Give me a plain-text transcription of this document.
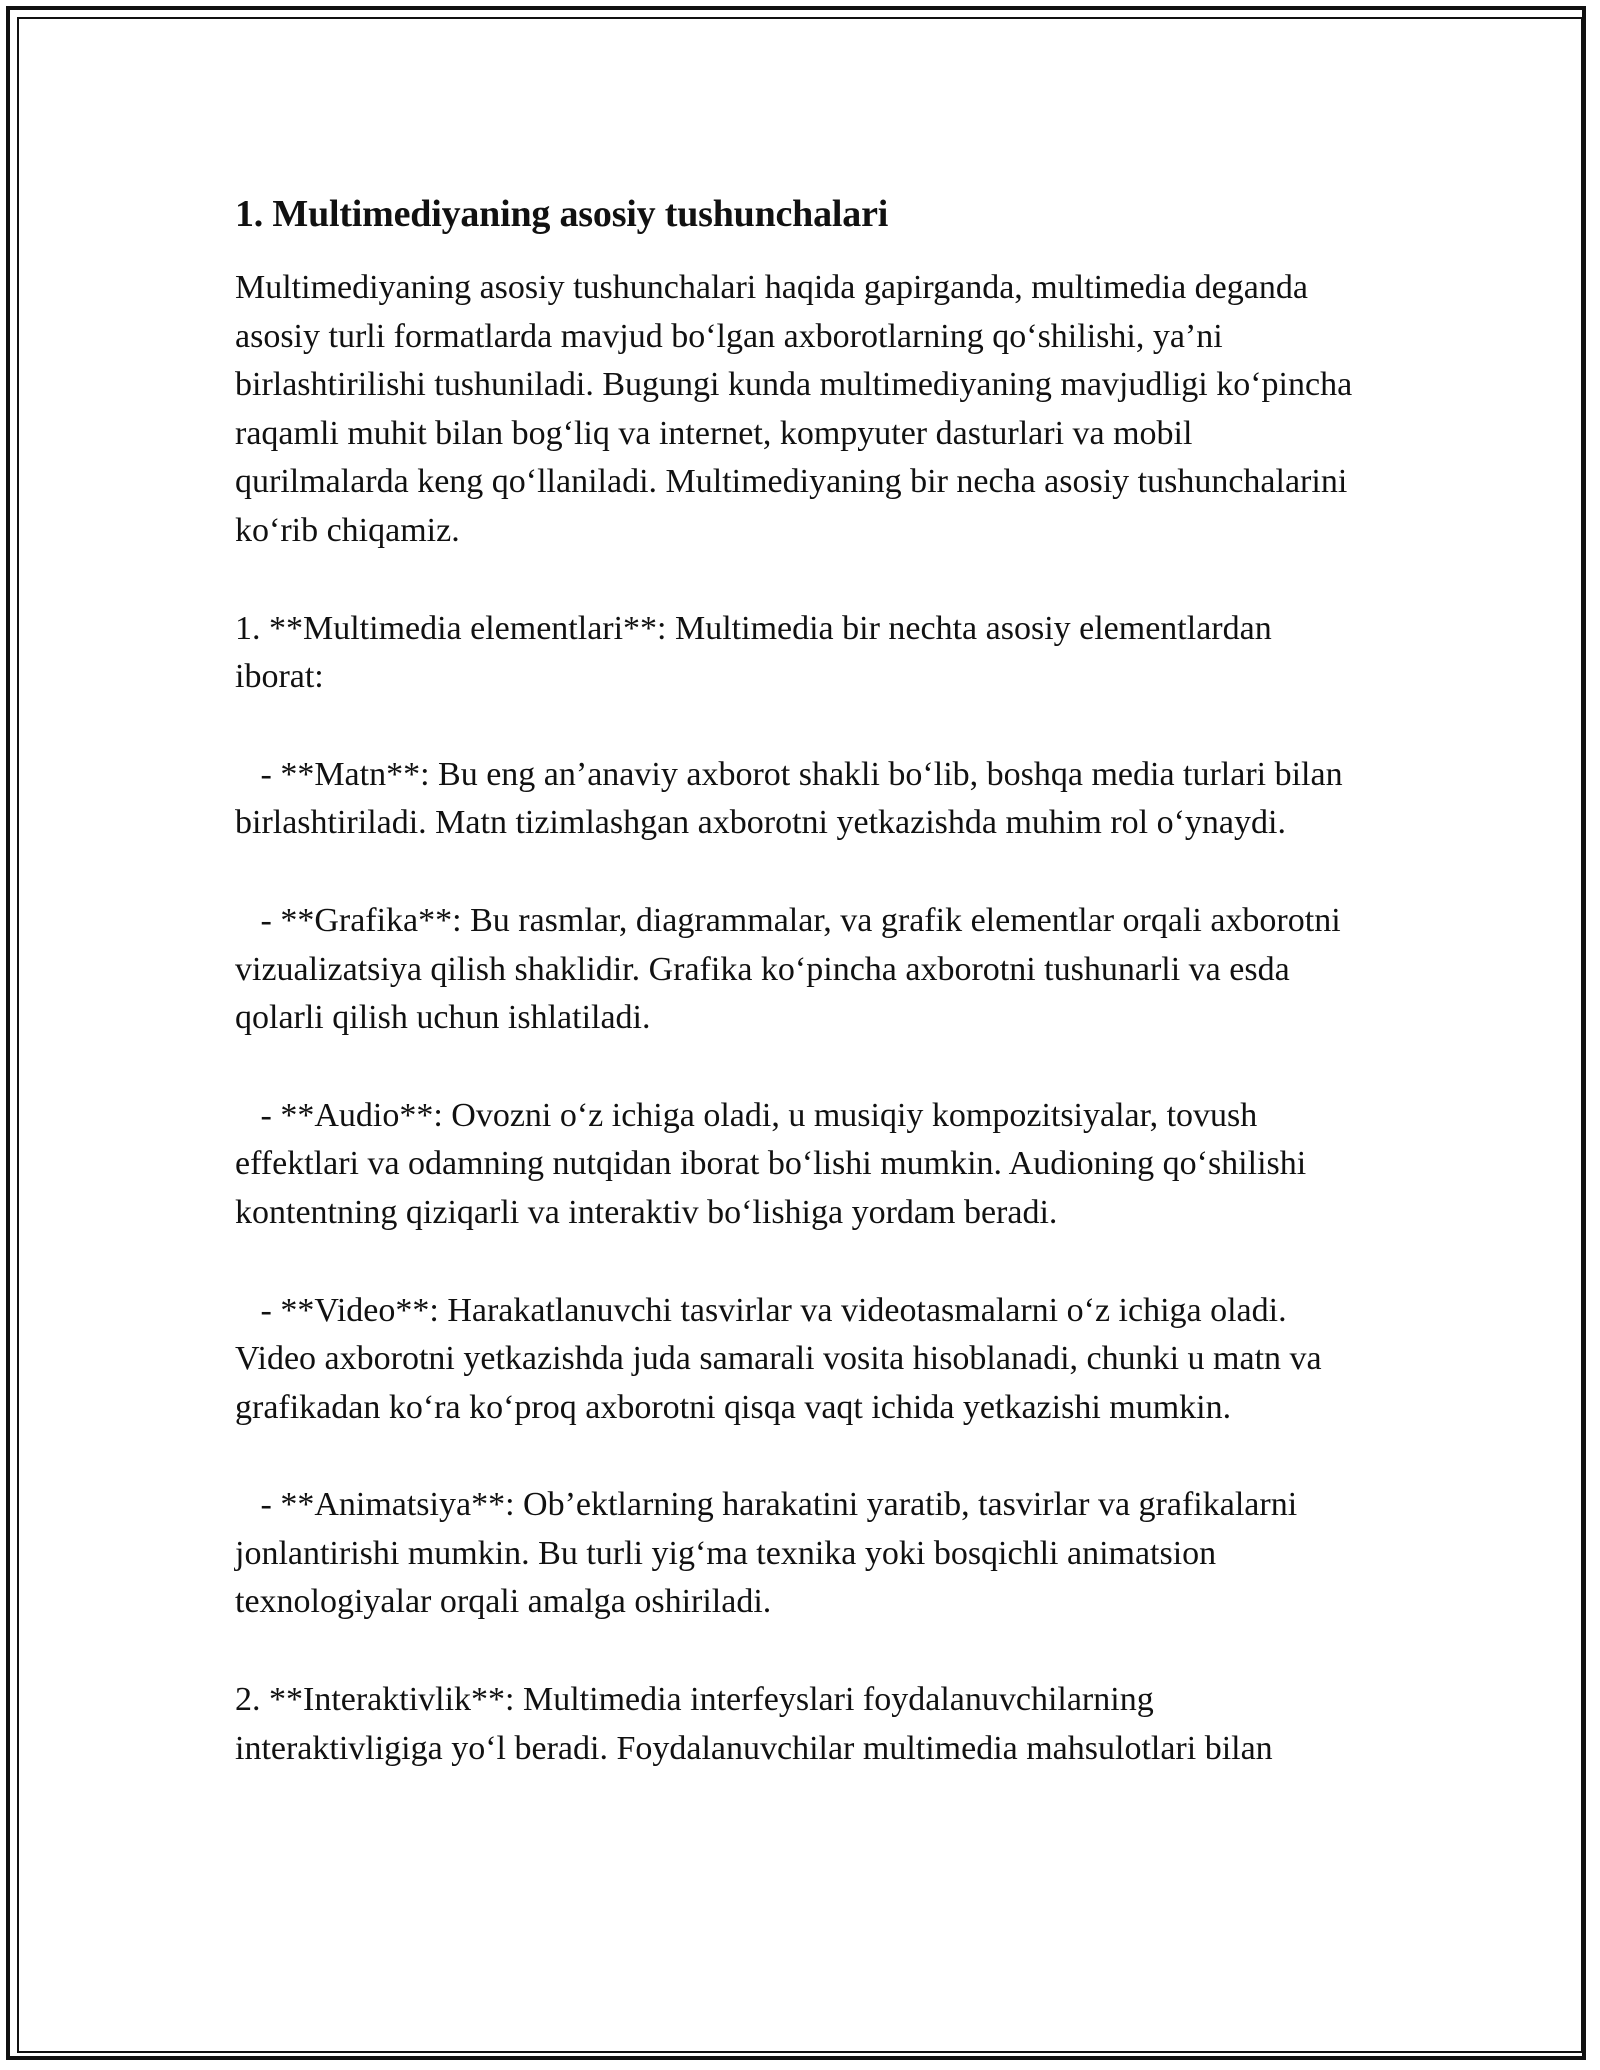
1. Multimediyaning asosiy tushunchalari

Multimediyaning asosiy tushunchalari haqida gapirganda, multimedia deganda asosiy turli formatlarda mavjud bo‘lgan axborotlarning qo‘shilishi, ya’ni birlashtirilishi tushuniladi. Bugungi kunda multimediyaning mavjudligi ko‘pincha raqamli muhit bilan bog‘liq va internet, kompyuter dasturlari va mobil qurilmalarda keng qo‘llaniladi. Multimediyaning bir necha asosiy tushunchalarini ko‘rib chiqamiz.

1. **Multimedia elementlari**: Multimedia bir nechta asosiy elementlardan iborat:

- **Matn**: Bu eng an’anaviy axborot shakli bo‘lib, boshqa media turlari bilan birlashtiriladi. Matn tizimlashgan axborotni yetkazishda muhim rol o‘ynaydi.

- **Grafika**: Bu rasmlar, diagrammalar, va grafik elementlar orqali axborotni vizualizatsiya qilish shaklidir. Grafika ko‘pincha axborotni tushunarli va esda qolarli qilish uchun ishlatiladi.

- **Audio**: Ovozni o‘z ichiga oladi, u musiqiy kompozitsiyalar, tovush effektlari va odamning nutqidan iborat bo‘lishi mumkin. Audioning qo‘shilishi kontentning qiziqarli va interaktiv bo‘lishiga yordam beradi.

- **Video**: Harakatlanuvchi tasvirlar va videotasmalarni o‘z ichiga oladi. Video axborotni yetkazishda juda samarali vosita hisoblanadi, chunki u matn va grafikadan ko‘ra ko‘proq axborotni qisqa vaqt ichida yetkazishi mumkin.

- **Animatsiya**: Ob’ektlarning harakatini yaratib, tasvirlar va grafikalarni jonlantirishi mumkin. Bu turli yig‘ma texnika yoki bosqichli animatsion texnologiyalar orqali amalga oshiriladi.

2. **Interaktivlik**: Multimedia interfeyslari foydalanuvchilarning interaktivligiga yo‘l beradi. Foydalanuvchilar multimedia mahsulotlari bilan
